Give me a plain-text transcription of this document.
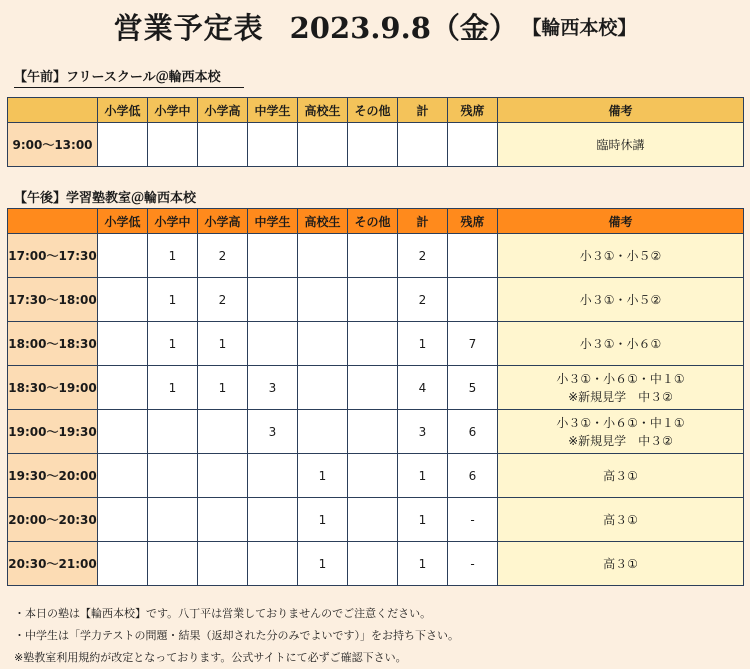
営業予定表 2023.9.8（金） 【輪西本校】
【午前】フリースクール＠輪西本校
	小学低	小学中	小学高	中学生	高校生	その他	計	残席	備考
9:00〜13:00									臨時休講
【午後】学習塾教室＠輪西本校
	小学低	小学中	小学高	中学生	高校生	その他	計	残席	備考
17:00〜17:30		1	2				2		小３①・小５②

17:30〜18:00		1	2				2		小３①・小５②

18:00〜18:30		1	1				1	7	小３①・小６①

18:30〜19:00		1	1	3			4	5	小３①・小６①・中１①
※新規見学　中３②

19:00〜19:30				3			3	6	小３①・小６①・中１①
※新規見学　中３②

19:30〜20:00					1		1	6	高３①

20:00〜20:30					1		1	-	高３①

20:30〜21:00					1		1	-	高３①
・本日の塾は【輪西本校】です。八丁平は営業しておりませんのでご注意ください。
・中学生は「学力テストの問題・結果（返却された分のみでよいです）」をお持ち下さい。
※塾教室利用規約が改定となっております。公式サイトにて必ずご確認下さい。
